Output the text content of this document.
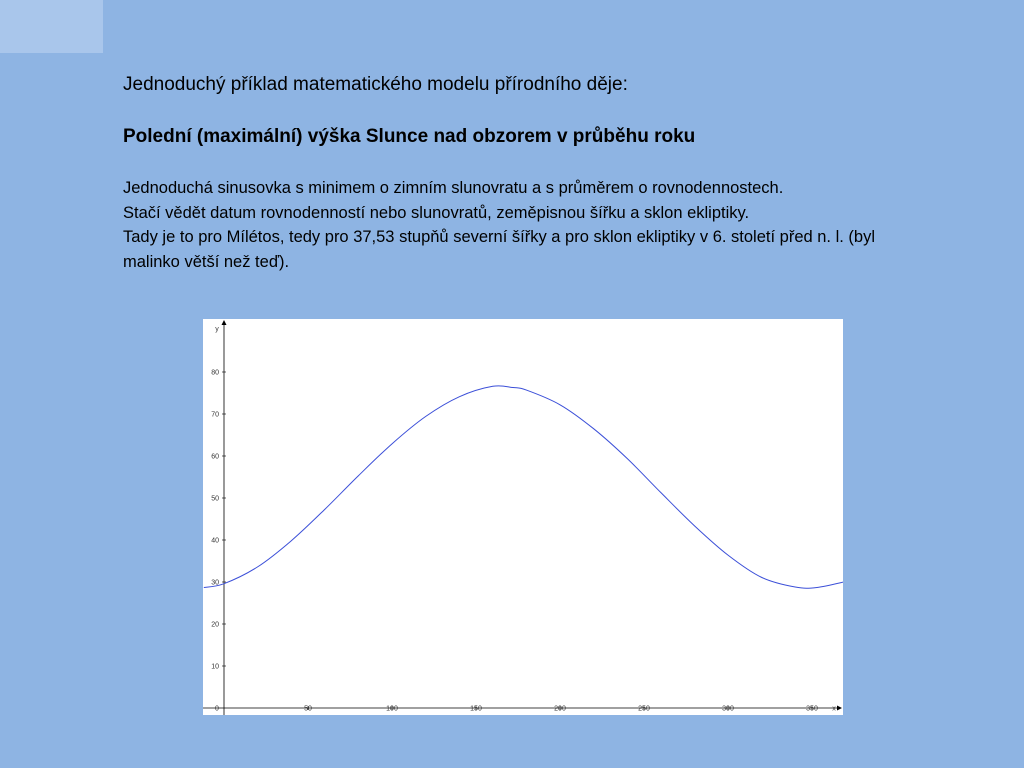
Jednoduchý příklad matematického modelu přírodního děje:

Polední (maximální) výška Slunce nad obzorem v průběhu roku

Jednoduchá sinusovka s minimem o zimním slunovratu a s průměrem o rovnodennostech.
Stačí vědět datum rovnodenností nebo slunovratů, zeměpisnou šířku a sklon ekliptiky.
Tady je to pro Mílétos, tedy pro 37,53 stupňů severní šířky a pro sklon ekliptiky v 6. století před n. l. (byl malinko větší než teď).
x
y
0	50	100	150	200	250	300	350
10
20
30
40
50
60
70
80
